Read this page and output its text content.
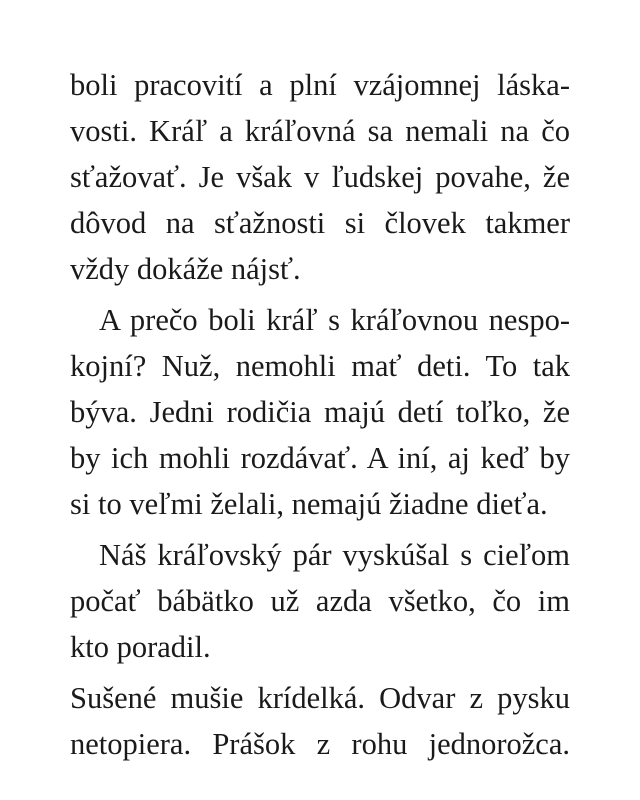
boli pracovití a plní vzájomnej láska-
vosti. Kráľ a kráľovná sa nemali na čo
sťažovať. Je však v ľudskej povahe, že
dôvod na sťažnosti si človek takmer
vždy dokáže nájsť.

A prečo boli kráľ s kráľovnou nespo-
kojní? Nuž, nemohli mať deti. To tak
býva. Jedni rodičia majú detí toľko, že
by ich mohli rozdávať. A iní, aj keď by
si to veľmi želali, nemajú žiadne dieťa.

Náš kráľovský pár vyskúšal s cieľom
počať bábätko už azda všetko, čo im
kto poradil.

Sušené mušie krídelká. Odvar z pysku
netopiera. Prášok z rohu jednorožca.
